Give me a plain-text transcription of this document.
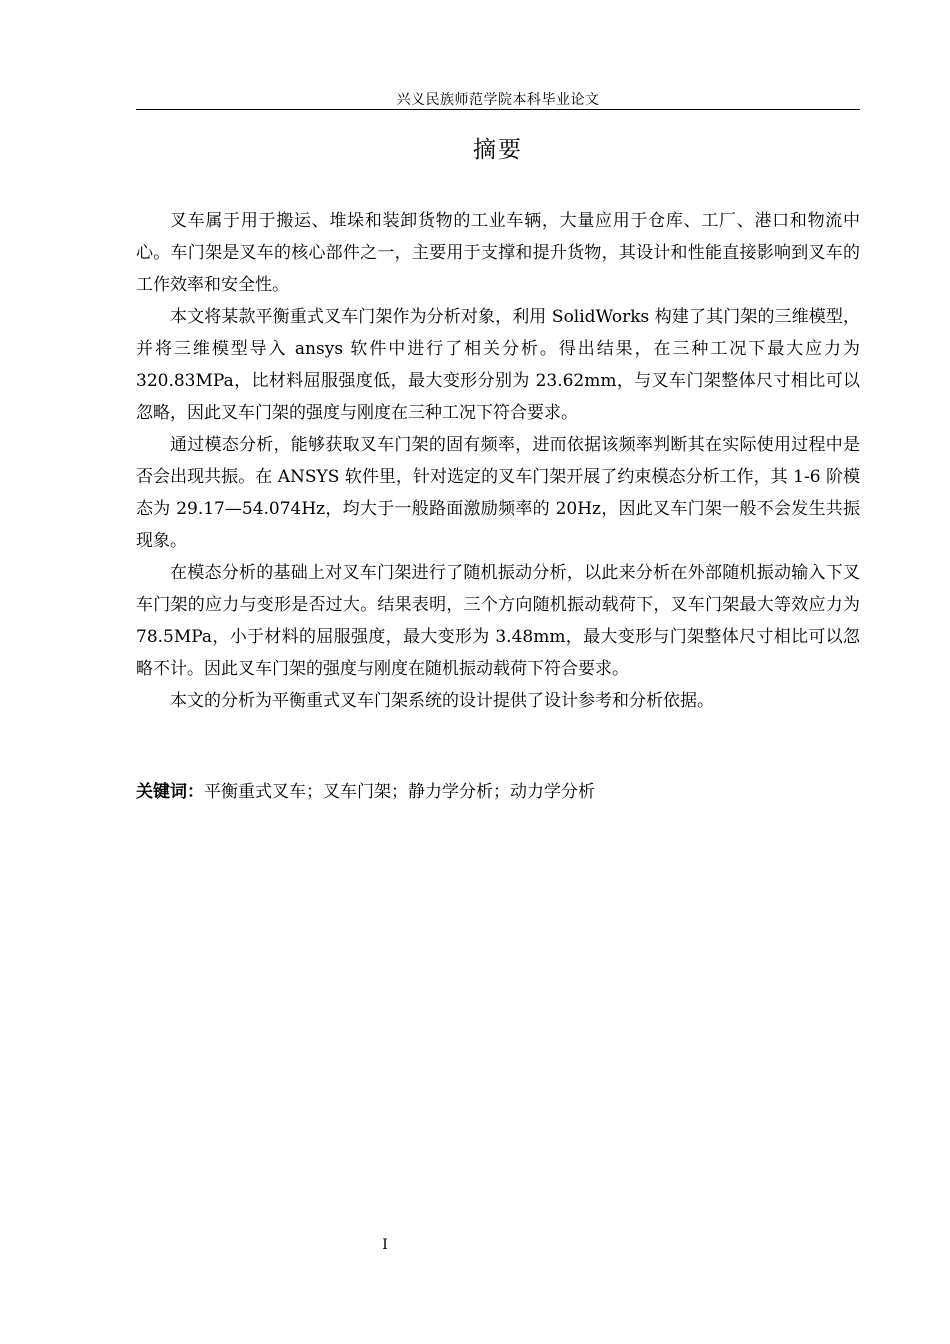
兴义民族师范学院本科毕业论文
摘要

叉车属于用于搬运、堆垛和装卸货物的工业车辆，大量应用于仓库、工厂、港口和物流中心。车门架是叉车的核心部件之一，主要用于支撑和提升货物，其设计和性能直接影响到叉车的工作效率和安全性。

本文将某款平衡重式叉车门架作为分析对象，利用 SolidWorks 构建了其门架的三维模型，并将三维模型导入 ansys 软件中进行了相关分析。得出结果，在三种工况下最大应力为 320.83MPa，比材料屈服强度低，最大变形分别为 23.62mm，与叉车门架整体尺寸相比可以忽略，因此叉车门架的强度与刚度在三种工况下符合要求。

通过模态分析，能够获取叉车门架的固有频率，进而依据该频率判断其在实际使用过程中是否会出现共振。在 ANSYS 软件里，针对选定的叉车门架开展了约束模态分析工作，其 1-6 阶模态为 29.17—54.074Hz，均大于一般路面激励频率的 20Hz，因此叉车门架一般不会发生共振现象。

在模态分析的基础上对叉车门架进行了随机振动分析，以此来分析在外部随机振动输入下叉车门架的应力与变形是否过大。结果表明，三个方向随机振动载荷下，叉车门架最大等效应力为 78.5MPa，小于材料的屈服强度，最大变形为 3.48mm，最大变形与门架整体尺寸相比可以忽略不计。因此叉车门架的强度与刚度在随机振动载荷下符合要求。

本文的分析为平衡重式叉车门架系统的设计提供了设计参考和分析依据。

关键词：平衡重式叉车；叉车门架；静力学分析；动力学分析
I
